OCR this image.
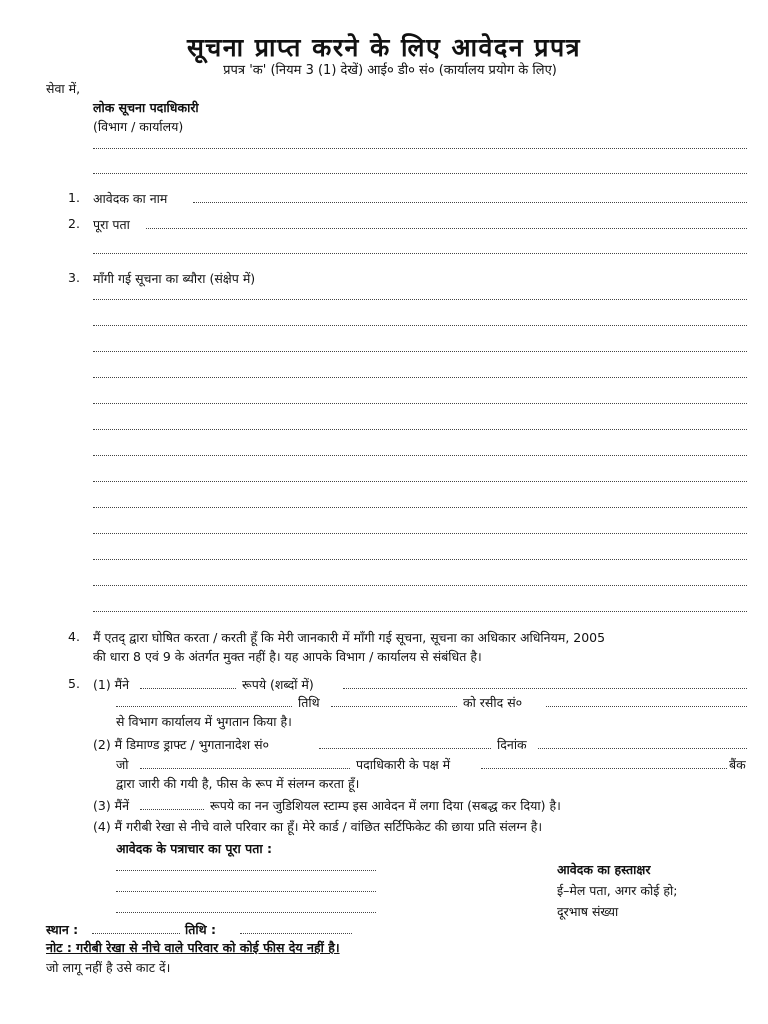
सूचना प्राप्त करने के लिए आवेदन प्रपत्र
प्रपत्र 'क' (नियम 3 (1) देखें) आई० डी० सं० (कार्यालय प्रयोग के लिए)
सेवा में,
लोक सूचना पदाधिकारी
(विभाग / कार्यालय)
1. आवेदक का नाम
2. पूरा पता
3. माँगी गई सूचना का ब्यौरा (संक्षेप में)
4. मैं एतद् द्वारा घोषित करता / करती हूँ कि मेरी जानकारी में माँगी गई सूचना, सूचना का अधिकार अधिनियम, 2005
की धारा 8 एवं 9 के अंतर्गत मुक्त नहीं है। यह आपके विभाग / कार्यालय से संबंधित है।
5. (1) मैंने	रूपये (शब्दों में)
तिथि	को रसीद सं०
से विभाग कार्यालय में भुगतान किया है।
(2) मैं डिमाण्ड ड्राफ्ट / भुगतानादेश सं०	दिनांक
जो	पदाधिकारी के पक्ष में	बैंक
द्वारा जारी की गयी है, फीस के रूप में संलग्न करता हूँ।
(3) मैंनें	रूपये का नन जुडिशियल स्टाम्प इस आवेदन में लगा दिया (सबद्ध कर दिया) है।
(4) मैं गरीबी रेखा से नीचे वाले परिवार का हूँ। मेरे कार्ड / वांछित सर्टिफिकेट की छाया प्रति संलग्न है।
आवेदक के पत्राचार का पूरा पता :
आवेदक का हस्ताक्षर
ई–मेल पता, अगर कोई हो;
दूरभाष संख्या
स्थान :	तिथि :
नोट : गरीबी रेखा से नीचे वाले परिवार को कोई फीस देय नहीं है।
जो लागू नहीं है उसे काट दें।
